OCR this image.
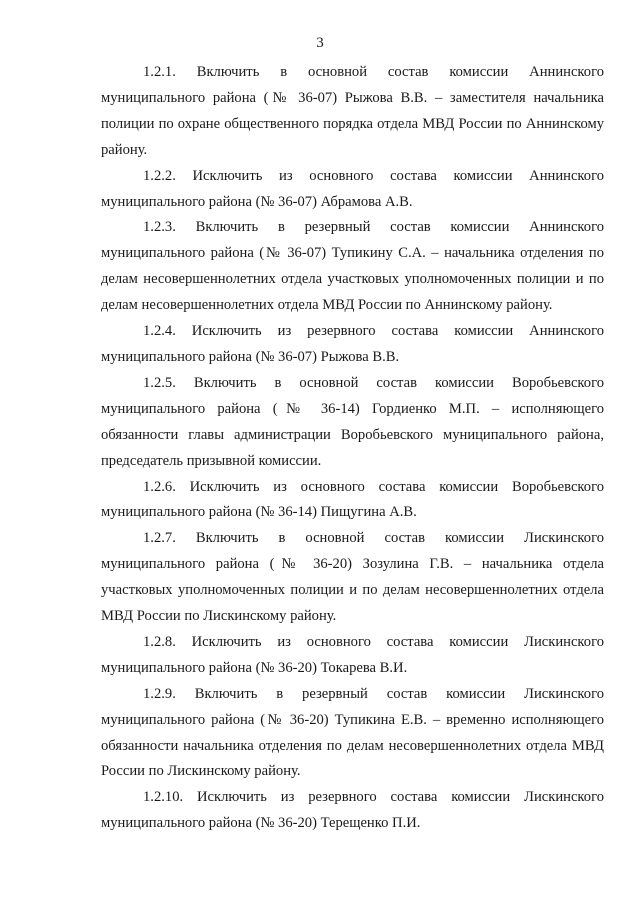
3

1.2.1. Включить в основной состав комиссии Аннинского муниципального района (№ 36-07) Рыжова В.В. – заместителя начальника полиции по охране общественного порядка отдела МВД России по Аннинскому району.

1.2.2. Исключить из основного состава комиссии Аннинского муниципального района (№ 36-07) Абрамова А.В.

1.2.3. Включить в резервный состав комиссии Аннинского муниципального района (№ 36-07) Тупикину С.А. – начальника отделения по делам несовершеннолетних отдела участковых уполномоченных полиции и по делам несовершеннолетних отдела МВД России по Аннинскому району.

1.2.4. Исключить из резервного состава комиссии Аннинского муниципального района (№ 36-07) Рыжова В.В.

1.2.5. Включить в основной состав комиссии Воробьевского муниципального района (№ 36-14) Гордиенко М.П. – исполняющего обязанности главы администрации Воробьевского муниципального района, председатель призывной комиссии.

1.2.6. Исключить из основного состава комиссии Воробьевского муниципального района (№ 36-14) Пищугина А.В.

1.2.7. Включить в основной состав комиссии Лискинского муниципального района (№ 36-20) Зозулина Г.В. – начальника отдела участковых уполномоченных полиции и по делам несовершеннолетних отдела МВД России по Лискинскому району.

1.2.8. Исключить из основного состава комиссии Лискинского муниципального района (№ 36-20) Токарева В.И.

1.2.9. Включить в резервный состав комиссии Лискинского муниципального района (№ 36-20) Тупикина Е.В. – временно исполняющего обязанности начальника отделения по делам несовершеннолетних отдела МВД России по Лискинскому району.

1.2.10. Исключить из резервного состава комиссии Лискинского муниципального района (№ 36-20) Терещенко П.И.
